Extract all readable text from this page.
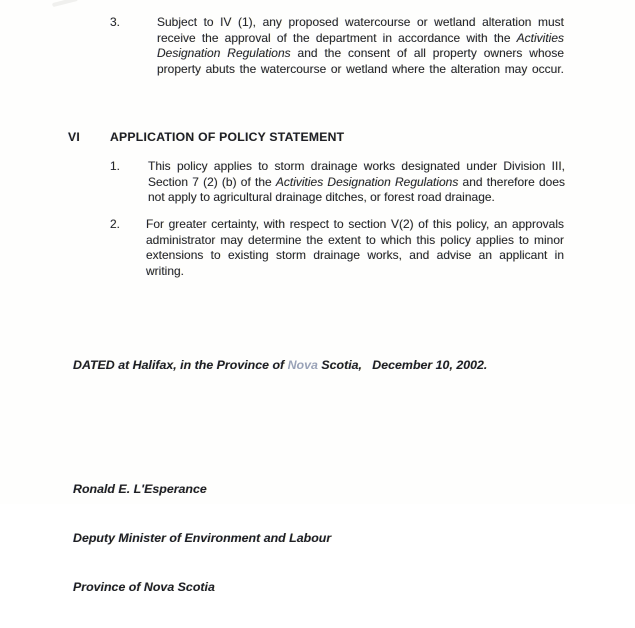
3.	Subject to IV (1), any proposed watercourse or wetland alteration must
receive the approval of the department in accordance with the Activities
Designation Regulations and the consent of all property owners whose
property abuts the watercourse or wetland where the alteration may occur.
VI APPLICATION OF POLICY STATEMENT
1.	This policy applies to storm drainage works designated under Division III,
Section 7 (2) (b) of the Activities Designation Regulations and therefore does
not apply to agricultural drainage ditches, or forest road drainage.
2.	For greater certainty, with respect to section V(2) of this policy, an approvals
administrator may determine the extent to which this policy applies to minor
extensions to existing storm drainage works, and advise an applicant in
writing.
DATED at Halifax, in the Province of Nova Scotia,   December 10, 2002.

Ronald E. L'Esperance

Deputy Minister of Environment and Labour

Province of Nova Scotia
